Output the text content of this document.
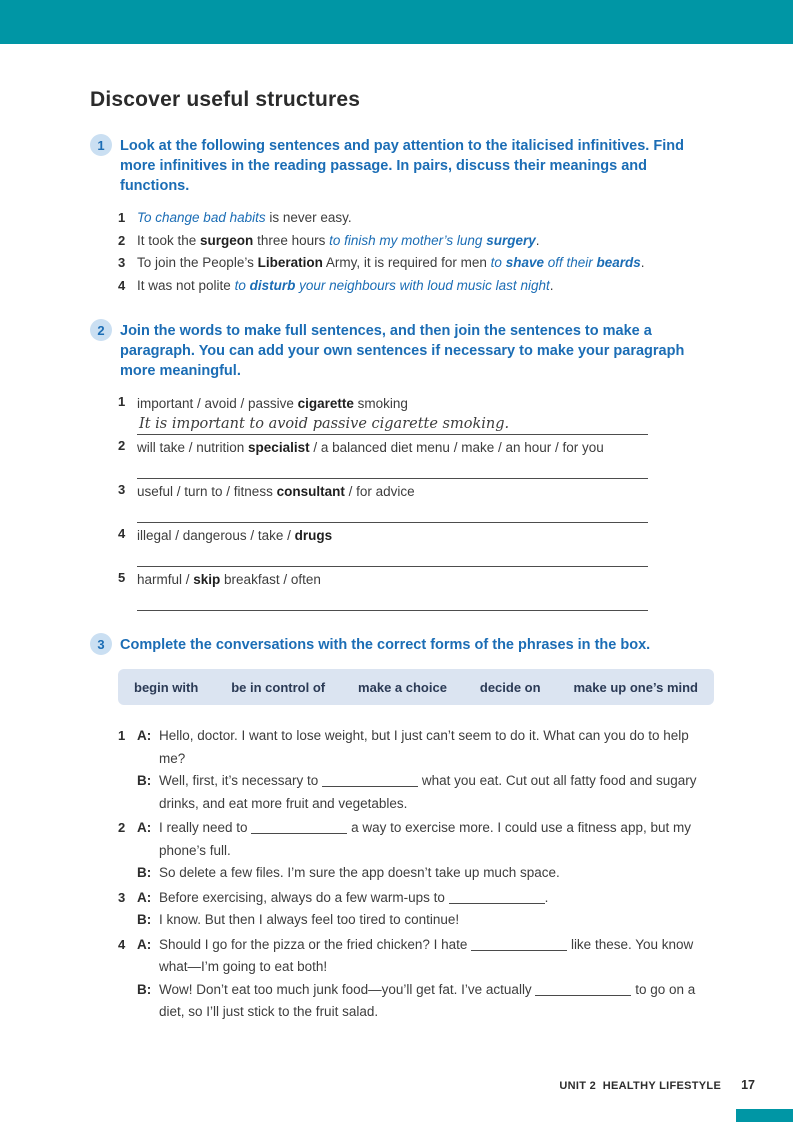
Discover useful structures
1	Look at the following sentences and pay attention to the italicised infinitives. Find more infinitives in the reading passage. In pairs, discuss their meanings and functions.

1 To change bad habits is never easy.
2 It took the surgeon three hours to finish my mother’s lung surgery.
3 To join the People’s Liberation Army, it is required for men to shave off their beards.
4 It was not polite to disturb your neighbours with loud music last night.
2	Join the words to make full sentences, and then join the sentences to make a paragraph. You can add your own sentences if necessary to make your paragraph more meaningful.

1 important / avoid / passive cigarette smoking
It is important to avoid passive cigarette smoking.
2 will take / nutrition specialist / a balanced diet menu / make / an hour / for you
3 useful / turn to / fitness consultant / for advice
4 illegal / dangerous / take / drugs
5 harmful / skip breakfast / often
3	Complete the conversations with the correct forms of the phrases in the box.

begin with	be in control of	make a choice	decide on	make up one’s mind
1 A: Hello, doctor. I want to lose weight, but I just can’t seem to do it. What can you do to help me?
B: Well, first, it’s necessary to	what you eat. Cut out all fatty food and sugary drinks, and eat more fruit and vegetables.
2 A: I really need to	a way to exercise more. I could use a fitness app, but my phone’s full.
B: So delete a few files. I’m sure the app doesn’t take up much space.
3 A: Before exercising, always do a few warm-ups to	.
B: I know. But then I always feel too tired to continue!
4 A: Should I go for the pizza or the fried chicken? I hate	like these. You know what—I’m going to eat both!
B: Wow! Don’t eat too much junk food—you’ll get fat. I’ve actually	to go on a diet, so I’ll just stick to the fruit salad.
UNIT 2  HEALTHY LIFESTYLE 17
